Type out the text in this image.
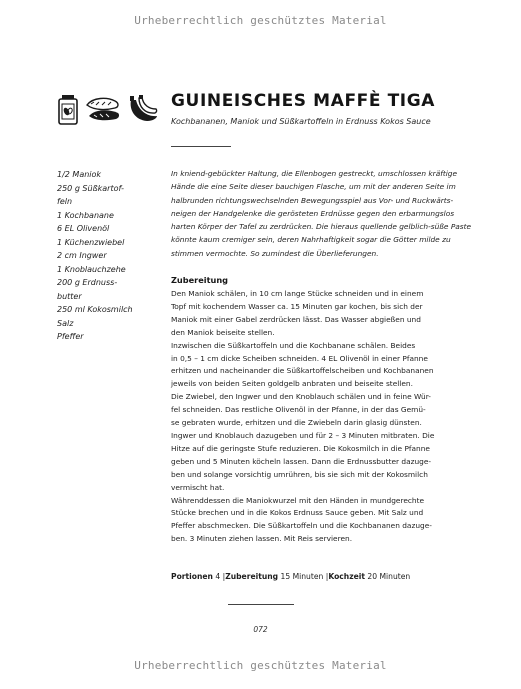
Urheberrechtlich geschütztes Material
GUINEISCHES MAFFÈ TIGA
Kochbananen, Maniok und Süßkartoffeln in Erdnuss Kokos Sauce
1/2 Maniok
250 g Süßkartof-
feln
1 Kochbanane
6 EL Olivenöl
1 Küchenzwiebel
2 cm Ingwer
1 Knoblauchzehe
200 g Erdnuss-
butter
250 ml Kokosmilch
Salz
Pfeffer

In kniend-gebückter Haltung, die Ellenbogen gestreckt, umschlossen kräftige Hände die eine Seite dieser bauchigen Flasche, um mit der anderen Seite im halbrunden richtungswechselnden Bewegungsspiel aus Vor- und Ruckwärts-neigen der Handgelenke die gerösteten Erdnüsse gegen den erbarmungslos harten Körper der Tafel zu zerdrücken. Die hieraus quellende gelblich-süße Paste könnte kaum cremiger sein, deren Nahrhaftigkeit sogar die Götter milde zu stimmen vermochte. So zumindest die Überlieferungen.

Zubereitung
Den Maniok schälen, in 10 cm lange Stücke schneiden und in einem
Topf mit kochendem Wasser ca. 15 Minuten gar kochen, bis sich der
Maniok mit einer Gabel zerdrücken lässt. Das Wasser abgießen und
den Maniok beiseite stellen.
Inzwischen die Süßkartoffeln und die Kochbanane schälen. Beides
in 0,5 – 1 cm dicke Scheiben schneiden. 4 EL Olivenöl in einer Pfanne
erhitzen und nacheinander die Süßkartoffelscheiben und Kochbananen
jeweils von beiden Seiten goldgelb anbraten und beiseite stellen.
Die Zwiebel, den Ingwer und den Knoblauch schälen und in feine Wür-
fel schneiden. Das restliche Olivenöl in der Pfanne, in der das Gemü-
se gebraten wurde, erhitzen und die Zwiebeln darin glasig dünsten.
Ingwer und Knoblauch dazugeben und für 2 – 3 Minuten mitbraten. Die
Hitze auf die geringste Stufe reduzieren. Die Kokosmilch in die Pfanne
geben und 5 Minuten köcheln lassen. Dann die Erdnussbutter dazuge-
ben und solange vorsichtig umrühren, bis sie sich mit der Kokosmilch
vermischt hat.
Währenddessen die Maniokwurzel mit den Händen in mundgerechte
Stücke brechen und in die Kokos Erdnuss Sauce geben. Mit Salz und
Pfeffer abschmecken. Die Süßkartoffeln und die Kochbananen dazuge-
ben. 3 Minuten ziehen lassen. Mit Reis servieren.
Portionen 4 |Zubereitung 15 Minuten |Kochzeit 20 Minuten
072
Urheberrechtlich geschütztes Material
